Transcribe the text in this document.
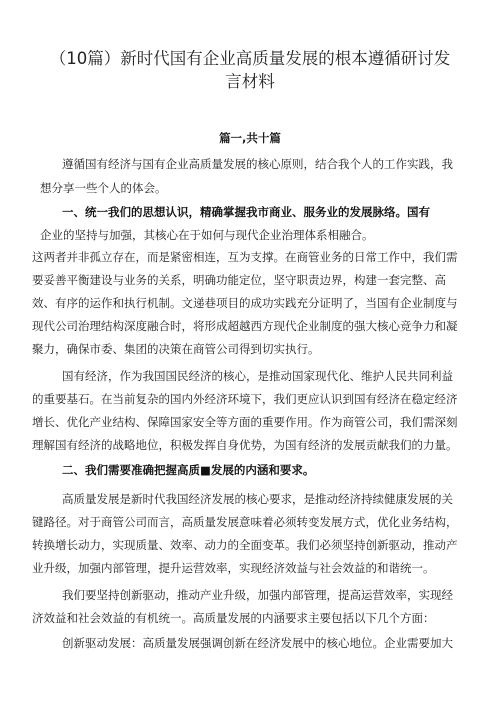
（10篇）新时代国有企业高质量发展的根本遵循研讨发
言材料
篇一,共十篇
遵循国有经济与国有企业高质量发展的核心原则，结合我个人的工作实践，我
想分享一些个人的体会。
一、统一我们的思想认识，精确掌握我市商业、服务业的发展脉络。国有
企业的坚持与加强，其核心在于如何与现代企业治理体系相融合。
这两者并非孤立存在，而是紧密相连，互为支撑。在商管业务的日常工作中，我们需
要妥善平衡建设与业务的关系，明确功能定位，坚守职责边界，构建一套完整、高
效、有序的运作和执行机制。文递巷项目的成功实践充分证明了，当国有企业制度与
现代公司治理结构深度融合时，将形成超越西方现代企业制度的强大核心竞争力和凝
聚力，确保市委、集团的决策在商管公司得到切实执行。
国有经济，作为我国国民经济的核心，是推动国家现代化、维护人民共同利益
的重要基石。在当前复杂的国内外经济环境下，我们更应认识到国有经济在稳定经济
增长、优化产业结构、保障国家安全等方面的重要作用。作为商管公司，我们需深刻
理解国有经济的战略地位，积极发挥自身优势，为国有经济的发展贡献我们的力量。
二、我们需要准确把握高质■发展的内涵和要求。
高质量发展是新时代我国经济发展的核心要求，是推动经济持续健康发展的关
键路径。对于商管公司而言，高质量发展意味着必须转变发展方式，优化业务结构，
转换增长动力，实现质量、效率、动力的全面变革。我们必须坚持创新驱动，推动产
业升级，加强内部管理，提升运营效率，实现经济效益与社会效益的和谐统一。
我们要坚持创新驱动，推动产业升级，加强内部管理，提高运营效率，实现经
济效益和社会效益的有机统一。高质量发展的内涵要求主要包括以下几个方面：
创新驱动发展：高质量发展强调创新在经济发展中的核心地位。企业需要加大
